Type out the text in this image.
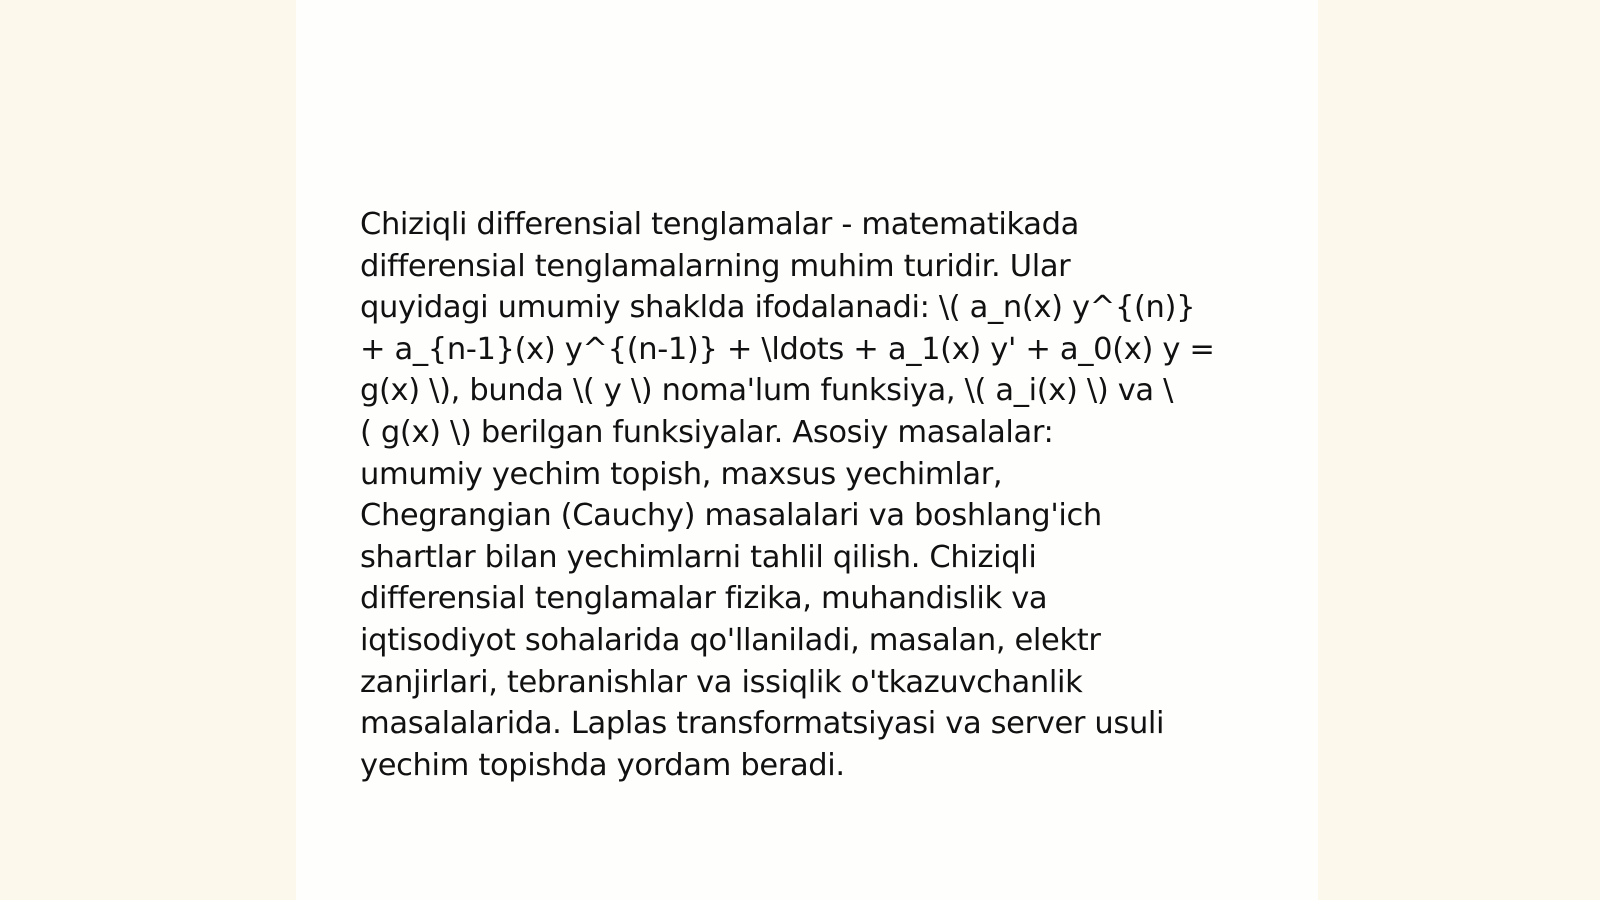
Chiziqli differensial tenglamalar - matematikada
differensial tenglamalarning muhim turidir. Ular
quyidagi umumiy shaklda ifodalanadi: \( a_n(x) y^{(n)}
+ a_{n-1}(x) y^{(n-1)} + \ldots + a_1(x) y' + a_0(x) y =
g(x) \), bunda \( y \) noma'lum funksiya, \( a_i(x) \) va \
( g(x) \) berilgan funksiyalar. Asosiy masalalar:
umumiy yechim topish, maxsus yechimlar,
Chegrangian (Cauchy) masalalari va boshlang'ich
shartlar bilan yechimlarni tahlil qilish. Chiziqli
differensial tenglamalar fizika, muhandislik va
iqtisodiyot sohalarida qo'llaniladi, masalan, elektr
zanjirlari, tebranishlar va issiqlik o'tkazuvchanlik
masalalarida. Laplas transformatsiyasi va server usuli
yechim topishda yordam beradi.
